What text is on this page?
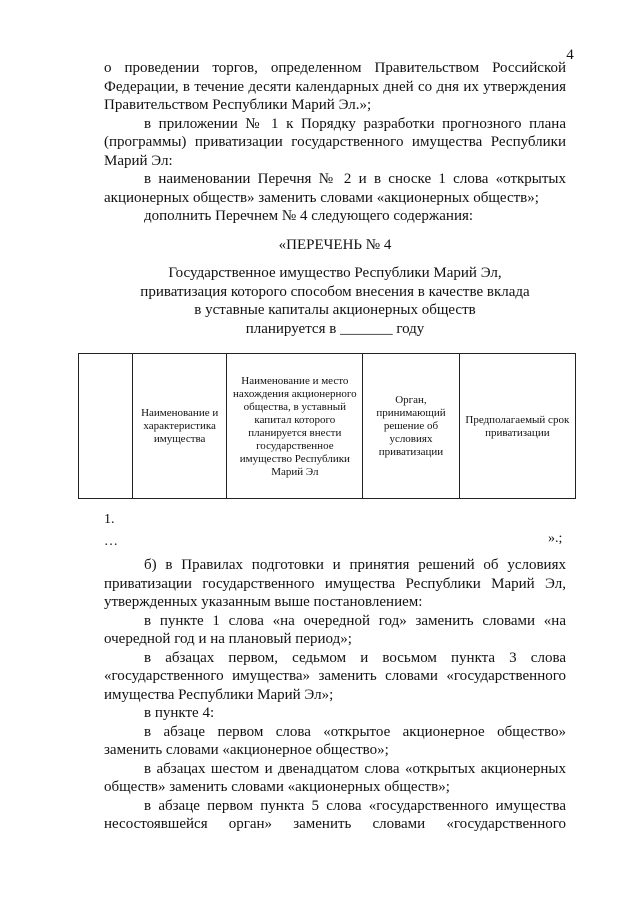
4

о проведении торгов, определенном Правительством Российской Федерации, в течение десяти календарных дней со дня их утверждения Правительством Республики Марий Эл.»;

в приложении № 1 к Порядку разработки прогнозного плана (программы) приватизации государственного имущества Республики Марий Эл:

в наименовании Перечня № 2 и в сноске 1 слова «открытых акционерных обществ» заменить словами «акционерных обществ»;

дополнить Перечнем № 4 следующего содержания:

«ПЕРЕЧЕНЬ № 4

Государственное имущество Республики Марий Эл,

приватизация которого способом внесения в качестве вклада

в уставные капиталы акционерных обществ

планируется в _______ году

	Наименование и характеристика имущества	Наименование и место нахождения акционерного общества, в уставный капитал которого планируется внести государственное имущество Республики Марий Эл	Орган, принимающий решение об условиях приватизации	Предполагаемый срок приватизации
1.
…	».;

б) в Правилах подготовки и принятия решений об условиях приватизации государственного имущества Республики Марий Эл, утвержденных указанным выше постановлением:

в пункте 1 слова «на очередной год» заменить словами «на очередной год и на плановый период»;

в абзацах первом, седьмом и восьмом пункта 3 слова «государственного имущества» заменить словами «государственного имущества Республики Марий Эл»;

в пункте 4:

в абзаце первом слова «открытое акционерное общество» заменить словами «акционерное общество»;

в абзацах шестом и двенадцатом слова «открытых акционерных обществ» заменить словами «акционерных обществ»;

в абзаце первом пункта 5 слова «государственного имущества

несостоявшейся орган» заменить словами «государственного
